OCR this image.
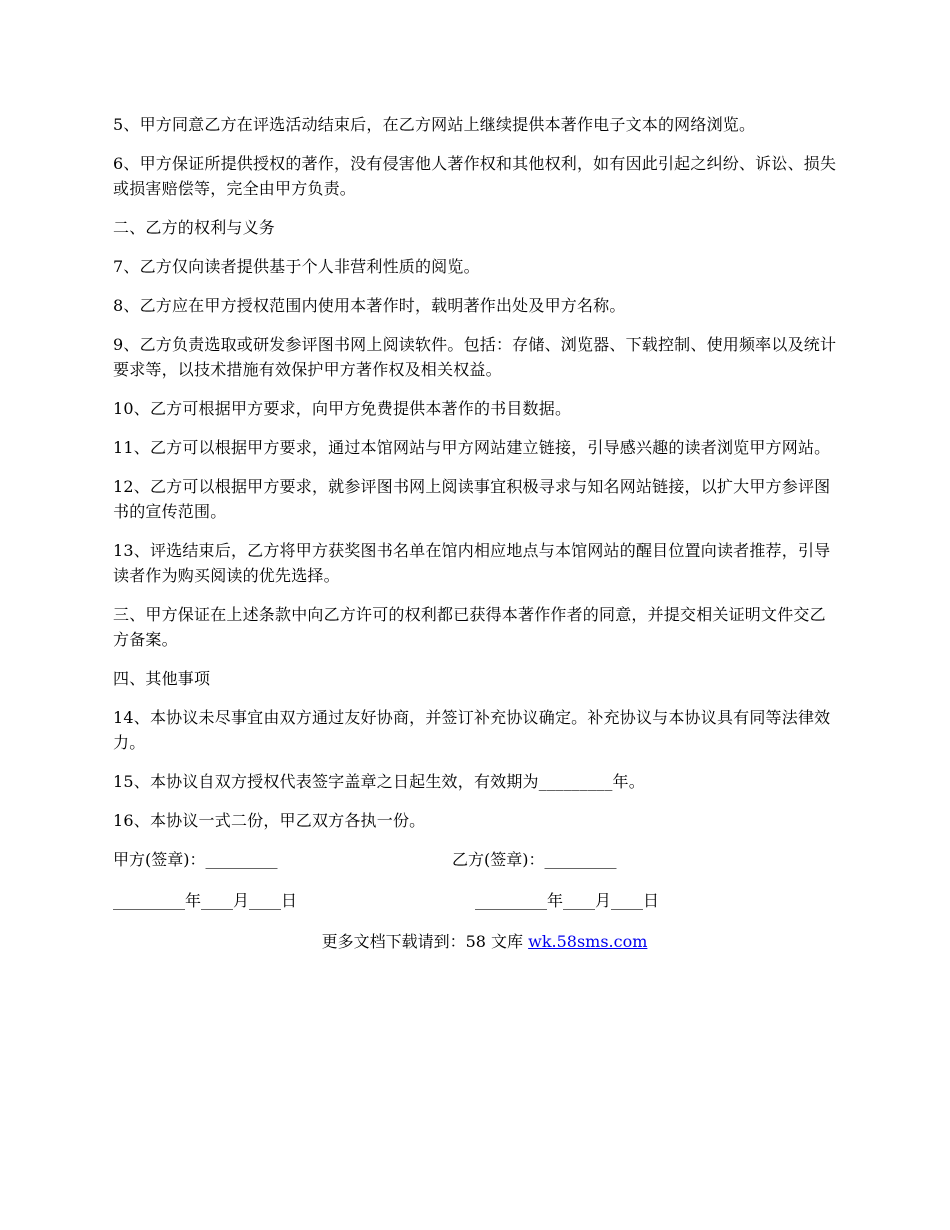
5、甲方同意乙方在评选活动结束后，在乙方网站上继续提供本著作电子文本的网络浏览。

6、甲方保证所提供授权的著作，没有侵害他人著作权和其他权利，如有因此引起之纠纷、诉讼、损失或损害赔偿等，完全由甲方负责。

二、乙方的权利与义务

7、乙方仅向读者提供基于个人非营利性质的阅览。

8、乙方应在甲方授权范围内使用本著作时，载明著作出处及甲方名称。

9、乙方负责选取或研发参评图书网上阅读软件。包括：存储、浏览器、下载控制、使用频率以及统计要求等，以技术措施有效保护甲方著作权及相关权益。

10、乙方可根据甲方要求，向甲方免费提供本著作的书目数据。

11、乙方可以根据甲方要求，通过本馆网站与甲方网站建立链接，引导感兴趣的读者浏览甲方网站。

12、乙方可以根据甲方要求，就参评图书网上阅读事宜积极寻求与知名网站链接，以扩大甲方参评图书的宣传范围。

13、评选结束后，乙方将甲方获奖图书名单在馆内相应地点与本馆网站的醒目位置向读者推荐，引导读者作为购买阅读的优先选择。

三、甲方保证在上述条款中向乙方许可的权利都已获得本著作作者的同意，并提交相关证明文件交乙方备案。

四、其他事项

14、本协议未尽事宜由双方通过友好协商，并签订补充协议确定。补充协议与本协议具有同等法律效力。

15、本协议自双方授权代表签字盖章之日起生效，有效期为_________年。

16、本协议一式二份，甲乙双方各执一份。

甲方(签章)：_________	乙方(签章)：_________
_________年____月____日	_________年____月____日
更多文档下载请到：58 文库 wk.58sms.com
